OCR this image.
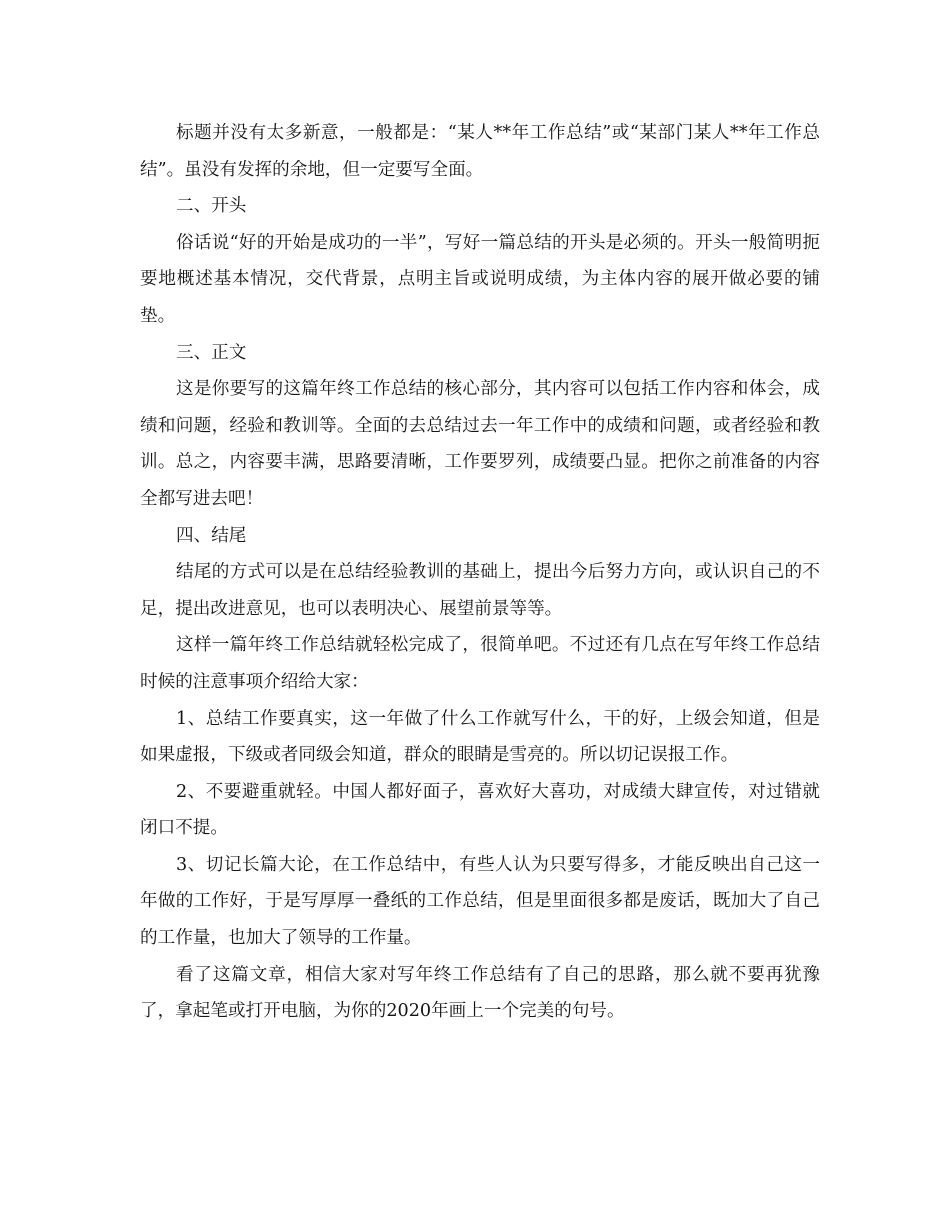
标题并没有太多新意，一般都是：“某人**年工作总结”或“某部门某人**年工作总结”。虽没有发挥的余地，但一定要写全面。

二、开头

俗话说“好的开始是成功的一半”，写好一篇总结的开头是必须的。开头一般简明扼要地概述基本情况，交代背景，点明主旨或说明成绩，为主体内容的展开做必要的铺垫。

三、正文

这是你要写的这篇年终工作总结的核心部分，其内容可以包括工作内容和体会，成绩和问题，经验和教训等。全面的去总结过去一年工作中的成绩和问题，或者经验和教训。总之，内容要丰满，思路要清晰，工作要罗列，成绩要凸显。把你之前准备的内容全都写进去吧！

四、结尾

结尾的方式可以是在总结经验教训的基础上，提出今后努力方向，或认识自己的不足，提出改进意见，也可以表明决心、展望前景等等。

这样一篇年终工作总结就轻松完成了，很简单吧。不过还有几点在写年终工作总结时候的注意事项介绍给大家：

1、总结工作要真实，这一年做了什么工作就写什么，干的好，上级会知道，但是如果虚报，下级或者同级会知道，群众的眼睛是雪亮的。所以切记误报工作。

2、不要避重就轻。中国人都好面子，喜欢好大喜功，对成绩大肆宣传，对过错就闭口不提。

3、切记长篇大论，在工作总结中，有些人认为只要写得多，才能反映出自己这一年做的工作好，于是写厚厚一叠纸的工作总结，但是里面很多都是废话，既加大了自己的工作量，也加大了领导的工作量。

看了这篇文章，相信大家对写年终工作总结有了自己的思路，那么就不要再犹豫了，拿起笔或打开电脑，为你的2020年画上一个完美的句号。
